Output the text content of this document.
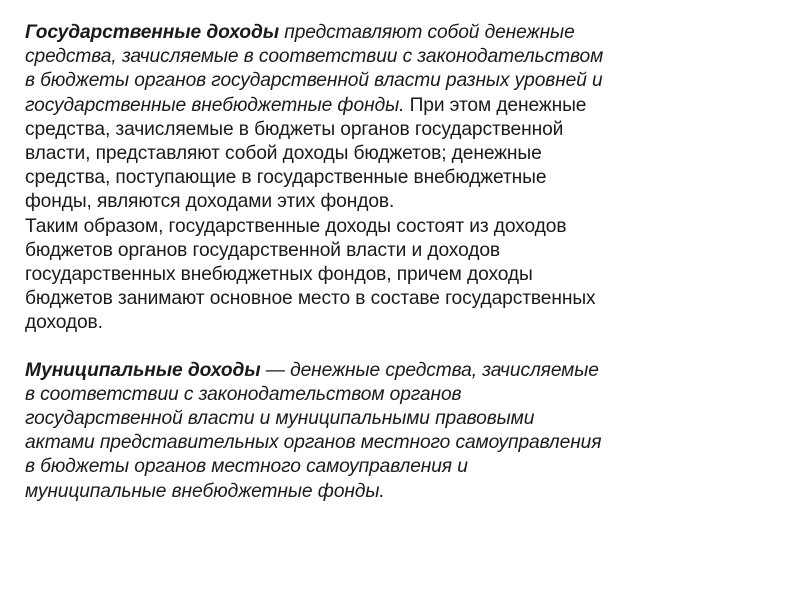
Государственные доходы представляют собой денежные
средства, зачисляемые в соответствии с законодательством
в бюджеты органов государственной власти разных уровней и
государственные внебюджетные фонды. При этом денежные
средства, зачисляемые в бюджеты органов государственной
власти, представляют собой доходы бюджетов; денежные
средства, поступающие в государственные внебюджетные
фонды, являются доходами этих фондов.

Таким образом, государственные доходы состоят из доходов
бюджетов органов государственной власти и доходов
государственных внебюджетных фондов, причем доходы
бюджетов занимают основное место в составе государственных
доходов.

Муниципальные доходы — денежные средства, зачисляемые
в соответствии с законодательством органов
государственной власти и муниципальными правовыми
актами представительных органов местного самоуправления
в бюджеты органов местного самоуправления и
муниципальные внебюджетные фонды.
